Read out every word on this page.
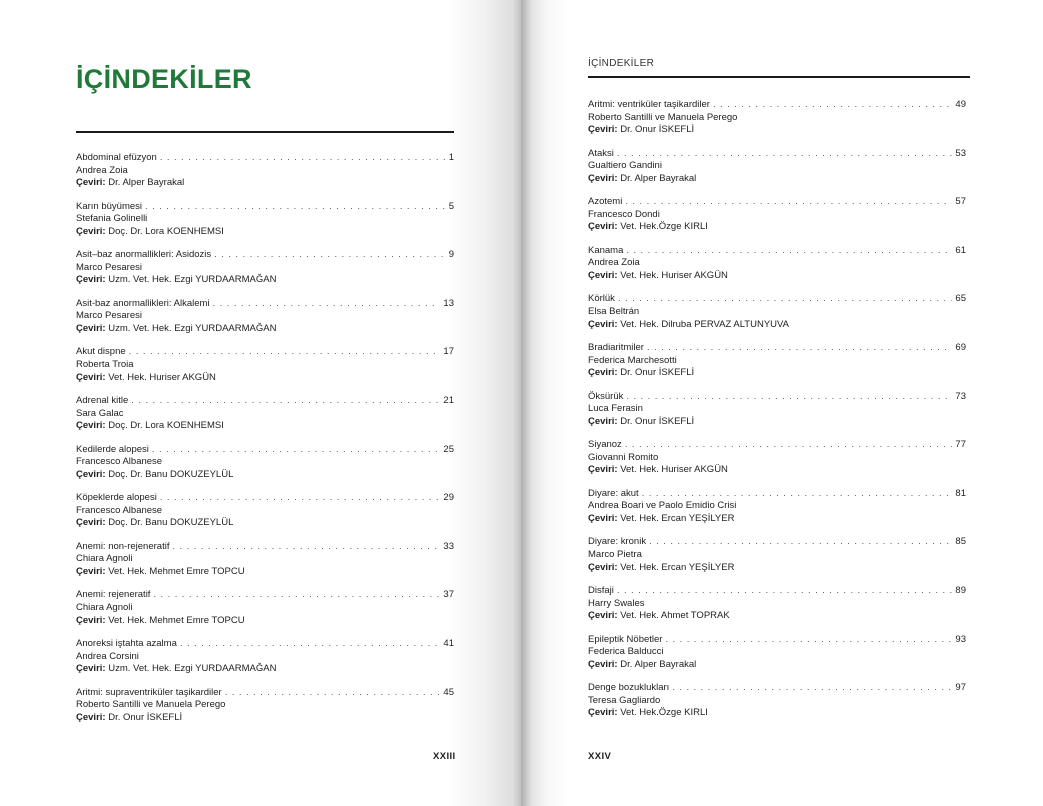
İÇİNDEKİLER
Abdominal efüzyon . . .	1
Andrea Zoia
Çeviri: Dr. Alper Bayrakal
Karın büyümesi . . .	5
Stefania Golinelli
Çeviri: Doç. Dr. Lora KOENHEMSI
Asit–baz anormallikleri: Asidozis . . .	9
Marco Pesaresi
Çeviri: Uzm. Vet. Hek. Ezgi YURDAARMAĞAN
Asit-baz anormallikleri: Alkalemi . . .	13
Marco Pesaresi
Çeviri: Uzm. Vet. Hek. Ezgi YURDAARMAĞAN
Akut dispne . . .	17
Roberta Troia
Çeviri: Vet. Hek. Huriser AKGÜN
Adrenal kitle . . .	21
Sara Galac
Çeviri: Doç. Dr. Lora KOENHEMSI
Kedilerde alopesi . . .	25
Francesco Albanese
Çeviri: Doç. Dr. Banu DOKUZEYLÜL
Köpeklerde alopesi . . .	29
Francesco Albanese
Çeviri: Doç. Dr. Banu DOKUZEYLÜL
Anemi: non-rejeneratif . . .	33
Chiara Agnoli
Çeviri: Vet. Hek. Mehmet Emre TOPCU
Anemi: rejeneratif . . .	37
Chiara Agnoli
Çeviri: Vet. Hek. Mehmet Emre TOPCU
Anoreksi iştahta azalma . . .	41
Andrea Corsini
Çeviri: Uzm. Vet. Hek. Ezgi YURDAARMAĞAN
Aritmi: supraventriküler taşikardiler . . .	45
Roberto Santilli ve Manuela Perego
Çeviri: Dr. Onur İSKEFLİ
XXIII
İÇİNDEKİLER
Aritmi: ventriküler taşikardiler . . .	49
Roberto Santilli ve Manuela Perego
Çeviri: Dr. Onur İSKEFLİ
Ataksi . . .	53
Gualtiero Gandini
Çeviri: Dr. Alper Bayrakal
Azotemi . . .	57
Francesco Dondi
Çeviri: Vet. Hek.Özge KIRLI
Kanama . . .	61
Andrea Zoia
Çeviri: Vet. Hek. Huriser AKGÜN
Körlük . . .	65
Elsa Beltrán
Çeviri: Vet. Hek. Dilruba PERVAZ ALTUNYUVA
Bradiaritmiler . . .	69
Federica Marchesotti
Çeviri: Dr. Onur İSKEFLİ
Öksürük . . .	73
Luca Ferasin
Çeviri: Dr. Onur İSKEFLİ
Siyanoz . . .	77
Giovanni Romito
Çeviri: Vet. Hek. Huriser AKGÜN
Diyare: akut . . .	81
Andrea Boari ve Paolo Emidio Crisi
Çeviri: Vet. Hek. Ercan YEŞİLYER
Diyare: kronik . . .	85
Marco Pietra
Çeviri: Vet. Hek. Ercan YEŞİLYER
Disfaji . . .	89
Harry Swales
Çeviri: Vet. Hek. Ahmet TOPRAK
Epileptik Nöbetler . . .	93
Federica Balducci
Çeviri: Dr. Alper Bayrakal
Denge bozuklukları . . .	97
Teresa Gagliardo
Çeviri: Vet. Hek.Özge KIRLI
XXIV
